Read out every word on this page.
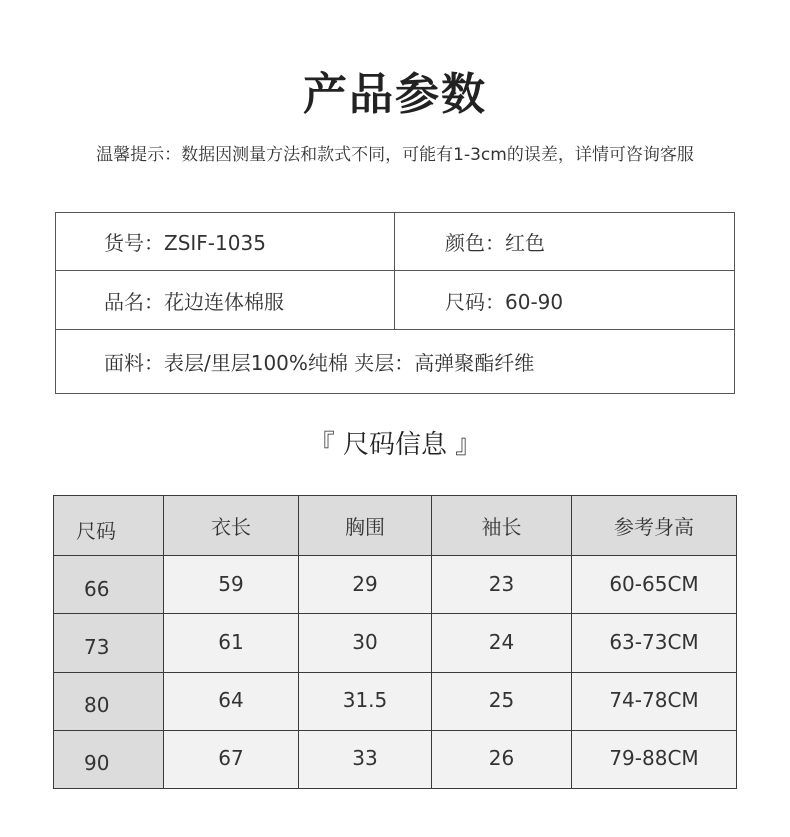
产品参数
温馨提示：数据因测量方法和款式不同，可能有1-3cm的误差，详情可咨询客服
货号：ZSIF-1035	颜色：红色
品名：花边连体棉服	尺码：60-90
面料：表层/里层100%纯棉 夹层：高弹聚酯纤维
『 尺码信息 』
尺码	衣长	胸围	袖长	参考身高
66	59	29	23	60-65CM
73	61	30	24	63-73CM
80	64	31.5	25	74-78CM
90	67	33	26	79-88CM
